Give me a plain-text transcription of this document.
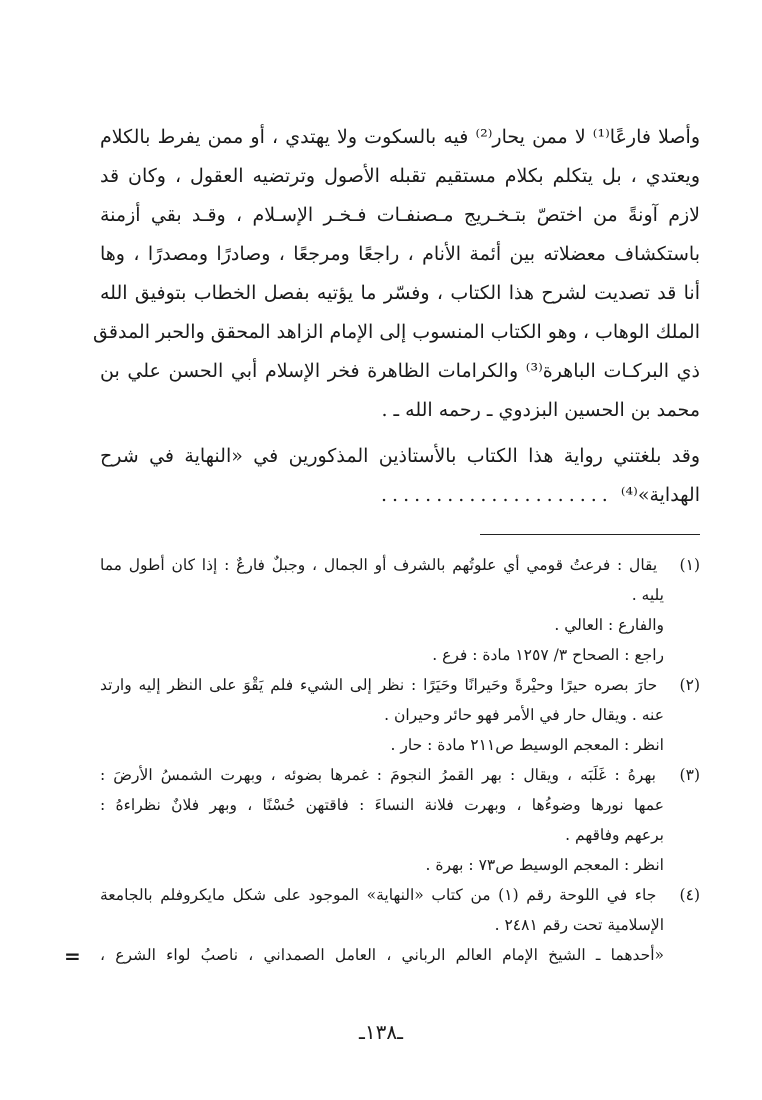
وأصلا فارعًا⁽¹⁾ لا ممن يحار⁽²⁾ فيه بالسكوت ولا يهتدي ، أو ممن يفرط بالكلام
ويعتدي ، بل يتكلم بكلام مستقيم تقبله الأصول وترتضيه العقول ، وكان قد
لازم آونةً من اختصّ بتـخـريج مـصنفـات فـخـر الإسـلام ، وقـد بقي أزمنة
باستكشاف معضلاته بين أئمة الأنام ، راجعًا ومرجعًا ، وصادرًا ومصدرًا ، وها
أنا قد تصديت لشرح هذا الكتاب ، وفسّر ما يؤتيه بفصل الخطاب بتوفيق الله
الملك الوهاب ، وهو الكتاب المنسوب إلى الإمام الزاهد المحقق والحبر المدقق
ذي البركـات الباهرة⁽³⁾ والكرامات الظاهرة فخر الإسلام أبي الحسن علي بن
محمد بن الحسين البزدوي ـ رحمه الله ـ .
وقد بلغتني رواية هذا الكتاب بالأستاذين المذكورين في «النهاية في شرح
الهداية»⁽⁴⁾
.....................
(١) يقال : فرعتُ قومي أي علوتُهم بالشرف أو الجمال ، وجبلٌ فارعٌ : إذا كان أطول مما
يليه .
والفارع : العالي .
راجع : الصحاح ٣/ ١٢٥٧ مادة : فرع .
(٢) حارَ بصره حيرًا وحيْرةً وحَيرانًا وحَيَرًا : نظر إلى الشيء فلم يَقْوَ على النظر إليه وارتد
عنه . ويقال حار في الأمر فهو حائر وحيران .
انظر : المعجم الوسيط ص٢١١ مادة : حار .
(٣) بهرهُ : غَلَبَه ، ويقال : بهر القمرُ النجومَ : غمرها بضوئه ، وبهرت الشمسُ الأرضَ :
عمها نورها وضوءُها ، وبهرت فلانة النساءَ : فاقتهن حُسْنًا ، وبهر فلانٌ نظراءهُ :
برعهم وفاقهم .
انظر : المعجم الوسيط ص٧٣ : بهرة .
(٤) جاء في اللوحة رقم (١) من كتاب «النهاية» الموجود على شكل مايكروفلم بالجامعة
الإسلامية تحت رقم ٢٤٨١ .
«أحدهما ـ الشيخ الإمام العالم الرباني ، العامل الصمداني ، ناصبُ لواء الشرع ،
=
ـ١٣٨ـ
